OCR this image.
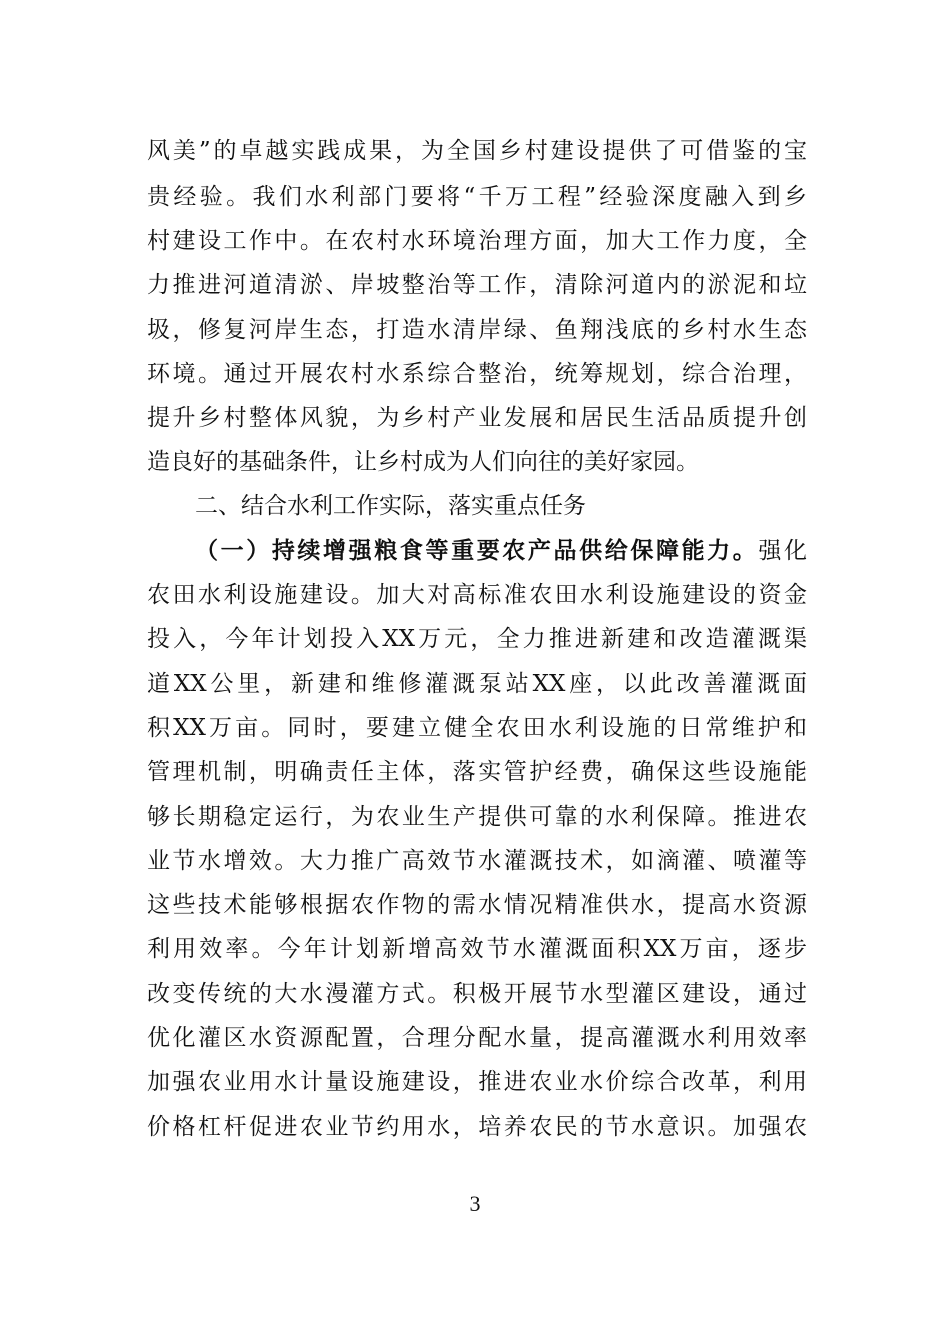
风美”的卓越实践成果，为全国乡村建设提供了可借鉴的宝
贵经验。我们水利部门要将“千万工程”经验深度融入到乡
村建设工作中。在农村水环境治理方面，加大工作力度，全
力推进河道清淤、岸坡整治等工作，清除河道内的淤泥和垃
圾，修复河岸生态，打造水清岸绿、鱼翔浅底的乡村水生态
环境。通过开展农村水系综合整治，统筹规划，综合治理，
提升乡村整体风貌，为乡村产业发展和居民生活品质提升创
造良好的基础条件，让乡村成为人们向往的美好家园。
二、结合水利工作实际，落实重点任务
（一）持续增强粮食等重要农产品供给保障能力。强化
农田水利设施建设。加大对高标准农田水利设施建设的资金
投入，今年计划投入XX万元，全力推进新建和改造灌溉渠
道XX公里，新建和维修灌溉泵站XX座，以此改善灌溉面
积XX万亩。同时，要建立健全农田水利设施的日常维护和
管理机制，明确责任主体，落实管护经费，确保这些设施能
够长期稳定运行，为农业生产提供可靠的水利保障。推进农
业节水增效。大力推广高效节水灌溉技术，如滴灌、喷灌等
这些技术能够根据农作物的需水情况精准供水，提高水资源
利用效率。今年计划新增高效节水灌溉面积XX万亩，逐步
改变传统的大水漫灌方式。积极开展节水型灌区建设，通过
优化灌区水资源配置，合理分配水量，提高灌溉水利用效率
加强农业用水计量设施建设，推进农业水价综合改革，利用
价格杠杆促进农业节约用水，培养农民的节水意识。加强农
3
